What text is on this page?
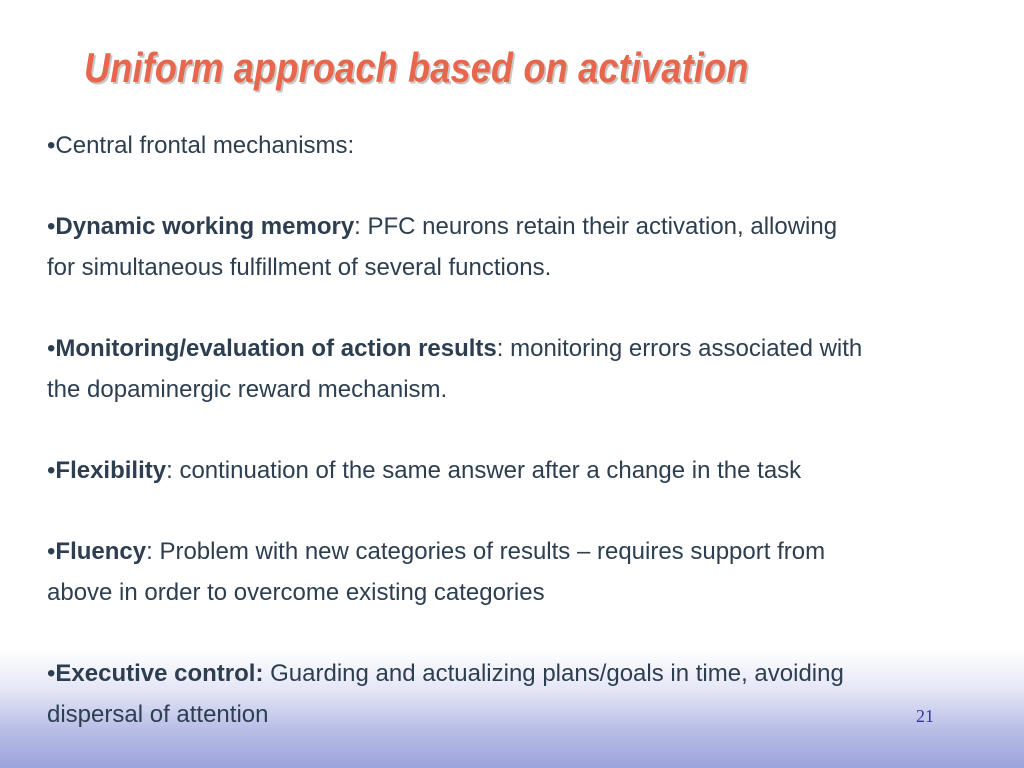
Uniform approach based on activation

•Central frontal mechanisms:

•Dynamic working memory: PFC neurons retain their activation, allowing
for simultaneous fulfillment of several functions.

•Monitoring/evaluation of action results: monitoring errors associated with
the dopaminergic reward mechanism.

•Flexibility: continuation of the same answer after a change in the task

•Fluency: Problem with new categories of results – requires support from
above in order to overcome existing categories

•Executive control: Guarding and actualizing plans/goals in time, avoiding
dispersal of attention	21
